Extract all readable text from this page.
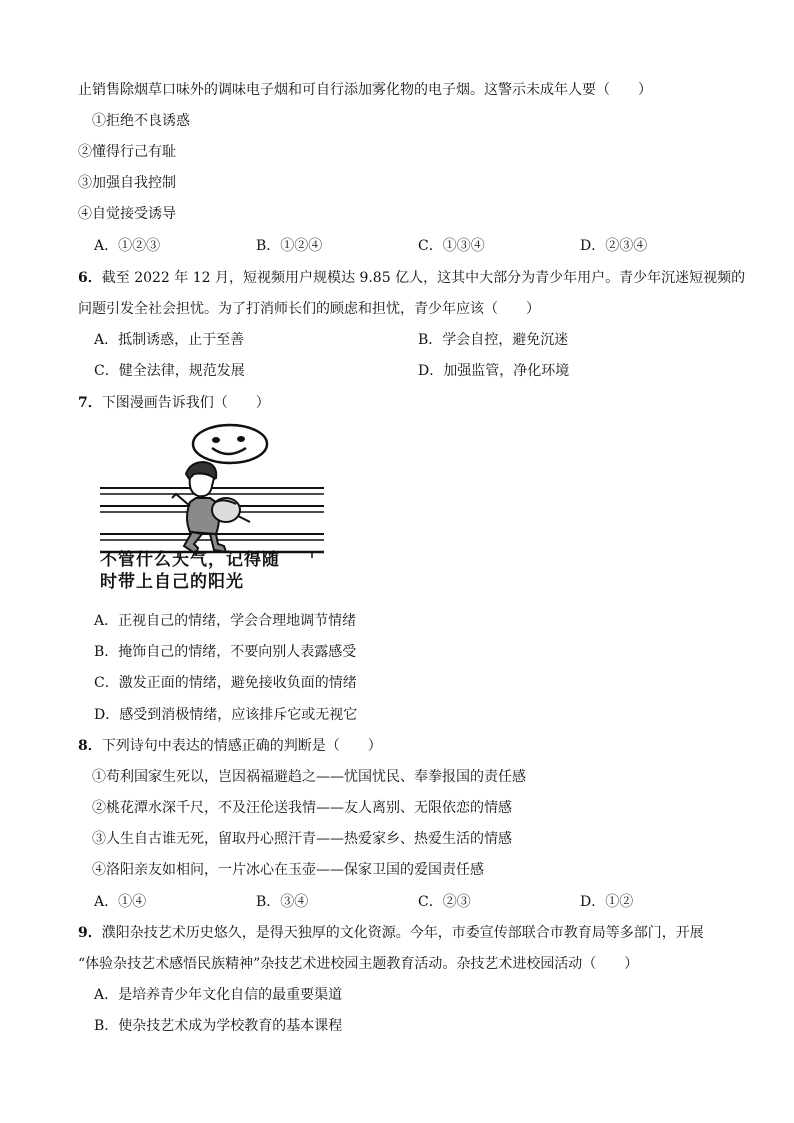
止销售除烟草口味外的调味电子烟和可自行添加雾化物的电子烟。这警示未成年人要（　　）
①拒绝不良诱惑
②懂得行己有耻
③加强自我控制
④自觉接受诱导
A．①②③	B．①②④	C．①③④	D．②③④
6．截至 2022 年 12 月，短视频用户规模达 9.85 亿人，这其中大部分为青少年用户。青少年沉迷短视频的
问题引发全社会担忧。为了打消师长们的顾虑和担忧，青少年应该（　　）
A．抵制诱惑，止于至善	B．学会自控，避免沉迷
C．健全法律，规范发展	D．加强监管，净化环境
7．下图漫画告诉我们（　　）
不管什么天气，记得随
时带上自己的阳光
A．正视自己的情绪，学会合理地调节情绪
B．掩饰自己的情绪，不要向别人表露感受
C．激发正面的情绪，避免接收负面的情绪
D．感受到消极情绪，应该排斥它或无视它
8．下列诗句中表达的情感正确的判断是（　　）
①苟利国家生死以，岂因祸福避趋之——忧国忧民、奉拳报国的责任感
②桃花潭水深千尺，不及汪伦送我情——友人离别、无限依恋的情感
③人生自古谁无死，留取丹心照汗青——热爱家乡、热爱生活的情感
④洛阳亲友如相问，一片冰心在玉壶——保家卫国的爱国责任感
A．①④	B．③④	C．②③	D．①②
9．濮阳杂技艺术历史悠久，是得天独厚的文化资源。今年，市委宣传部联合市教育局等多部门，开展
“体验杂技艺术感悟民族精神”杂技艺术进校园主题教育活动。杂技艺术进校园活动（　　）
A．是培养青少年文化自信的最重要渠道
B．使杂技艺术成为学校教育的基本课程
